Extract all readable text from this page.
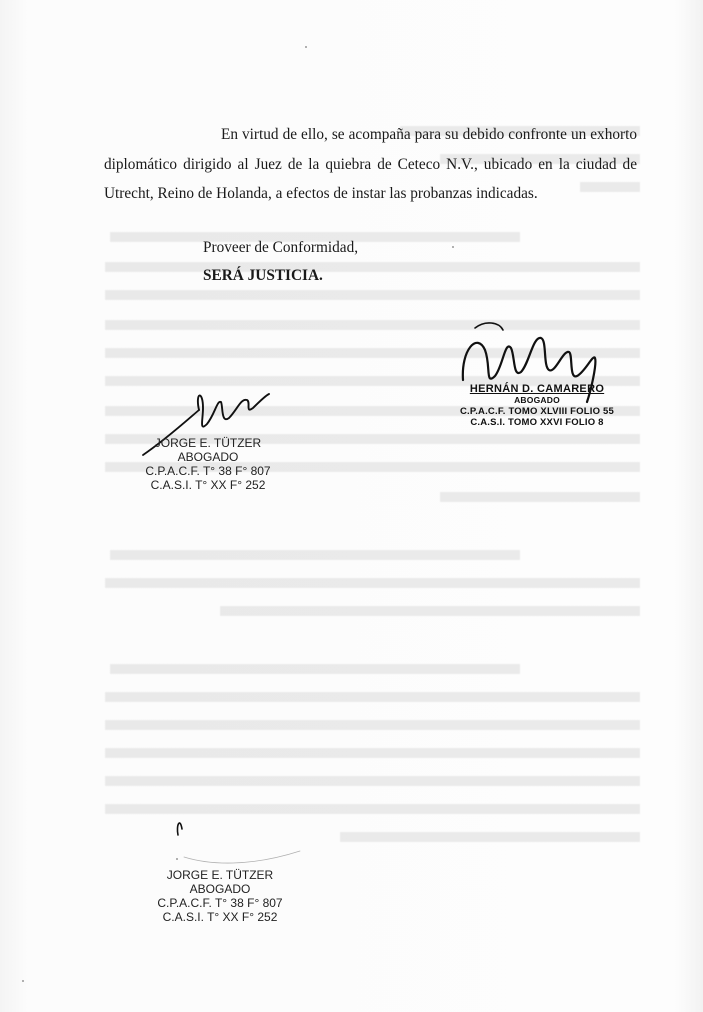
En virtud de ello, se acompaña para su debido confronte un exhorto diplomático dirigido al Juez de la quiebra de Ceteco N.V., ubicado en la ciudad de Utrecht, Reino de Holanda, a efectos de instar las probanzas indicadas.

Proveer de Conformidad,
SERÁ JUSTICIA.
HERNÁN D. CAMARERO
ABOGADO
C.P.A.C.F. TOMO XLVIII FOLIO 55
C.A.S.I. TOMO XXVI FOLIO 8
JORGE E. TÜTZER
ABOGADO
C.P.A.C.F. T° 38 F° 807
C.A.S.I. T° XX F° 252
JORGE E. TÜTZER
ABOGADO
C.P.A.C.F. T° 38 F° 807
C.A.S.I. T° XX F° 252
